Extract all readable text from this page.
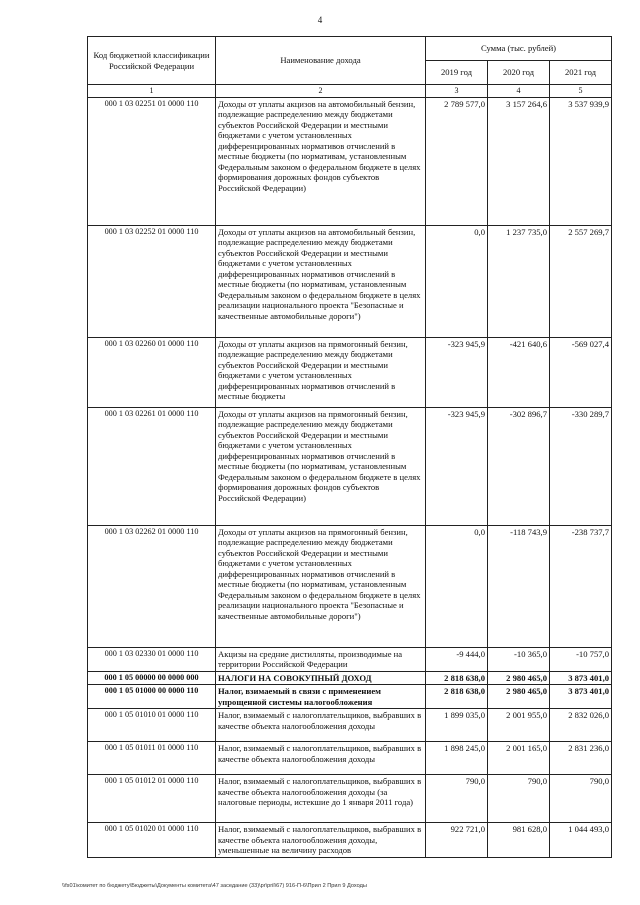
4
Код бюджетной классификации Российской Федерации	Наименование дохода	Сумма (тыс. рублей)		
		2019 год	2020 год	2021 год
1	2	3	4	5
000 1 03 02251 01 0000 110	Доходы от уплаты акцизов на автомобильный бензин, подлежащие распределению между бюджетами субъектов Российской Федерации и местными бюджетами с учетом установленных дифференцированных нормативов отчислений в местные бюджеты (по нормативам, установленным Федеральным законом о федеральном бюджете в целях формирования дорожных фондов субъектов Российской Федерации)	2 789 577,0	3 157 264,6	3 537 939,9
000 1 03 02252 01 0000 110	Доходы от уплаты акцизов на автомобильный бензин, подлежащие распределению между бюджетами субъектов Российской Федерации и местными бюджетами с учетом установленных дифференцированных нормативов отчислений в местные бюджеты (по нормативам, установленным Федеральным законом о федеральном бюджете в целях реализации национального проекта "Безопасные и качественные автомобильные дороги")	0,0	1 237 735,0	2 557 269,7
000 1 03 02260 01 0000 110	Доходы от уплаты акцизов на прямогонный бензин, подлежащие распределению между бюджетами субъектов Российской Федерации и местными бюджетами с учетом установленных дифференцированных нормативов отчислений в местные бюджеты	-323 945,9	-421 640,6	-569 027,4
000 1 03 02261 01 0000 110	Доходы от уплаты акцизов на прямогонный бензин, подлежащие распределению между бюджетами субъектов Российской Федерации и местными бюджетами с учетом установленных дифференцированных нормативов отчислений в местные бюджеты (по нормативам, установленным Федеральным законом о федеральном бюджете в целях формирования дорожных фондов субъектов Российской Федерации)	-323 945,9	-302 896,7	-330 289,7
000 1 03 02262 01 0000 110	Доходы от уплаты акцизов на прямогонный бензин, подлежащие распределению между бюджетами субъектов Российской Федерации и местными бюджетами с учетом установленных дифференцированных нормативов отчислений в местные бюджеты (по нормативам, установленным Федеральным законом о федеральном бюджете в целях реализации национального проекта "Безопасные и качественные автомобильные дороги")	0,0	-118 743,9	-238 737,7
000 1 03 02330 01 0000 110	Акцизы на средние дистилляты, производимые на территории Российской Федерации	-9 444,0	-10 365,0	-10 757,0
000 1 05 00000 00 0000 000	НАЛОГИ НА СОВОКУПНЫЙ ДОХОД	2 818 638,0	2 980 465,0	3 873 401,0
000 1 05 01000 00 0000 110	Налог, взимаемый в связи с применением упрощенной системы налогообложения	2 818 638,0	2 980 465,0	3 873 401,0
000 1 05 01010 01 0000 110	Налог, взимаемый с налогоплательщиков, выбравших в качестве объекта налогообложения доходы	1 899 035,0	2 001 955,0	2 832 026,0
000 1 05 01011 01 0000 110	Налог, взимаемый с налогоплательщиков, выбравших в качестве объекта налогообложения доходы	1 898 245,0	2 001 165,0	2 831 236,0
000 1 05 01012 01 0000 110	Налог, взимаемый с налогоплательщиков, выбравших в качестве объекта налогообложения доходы (за налоговые периоды, истекшие до 1 января 2011 года)	790,0	790,0	790,0
000 1 05 01020 01 0000 110	Налог, взимаемый с налогоплательщиков, выбравших в качестве объекта налогообложения доходы, уменьшенные на величину расходов	922 721,0	981 628,0	1 044 493,0
\\fs01\комитет по бюджету\Бюджеты\Документы комитета\47 заседание (33)\pr\pril\67) 916-П-6\Прил 2 Прил 9 Доходы
